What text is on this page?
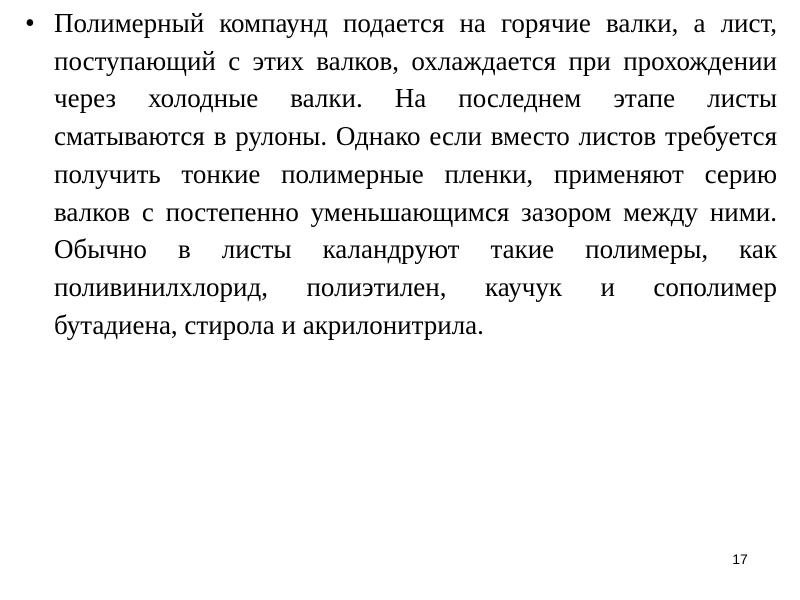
• Полимерный компаунд подается на горячие валки, а лист, поступающий с этих валков, охлаждается при прохождении через холодные валки. На последнем этапе листы сматываются в рулоны. Однако если вместо листов требуется получить тонкие полимерные пленки, применяют серию валков с постепенно уменьшающимся зазором между ними. Обычно в листы каландруют такие полимеры, как поливинилхлорид, полиэтилен, каучук и сополимер бутадиена, стирола и акрилонитрила.

17
